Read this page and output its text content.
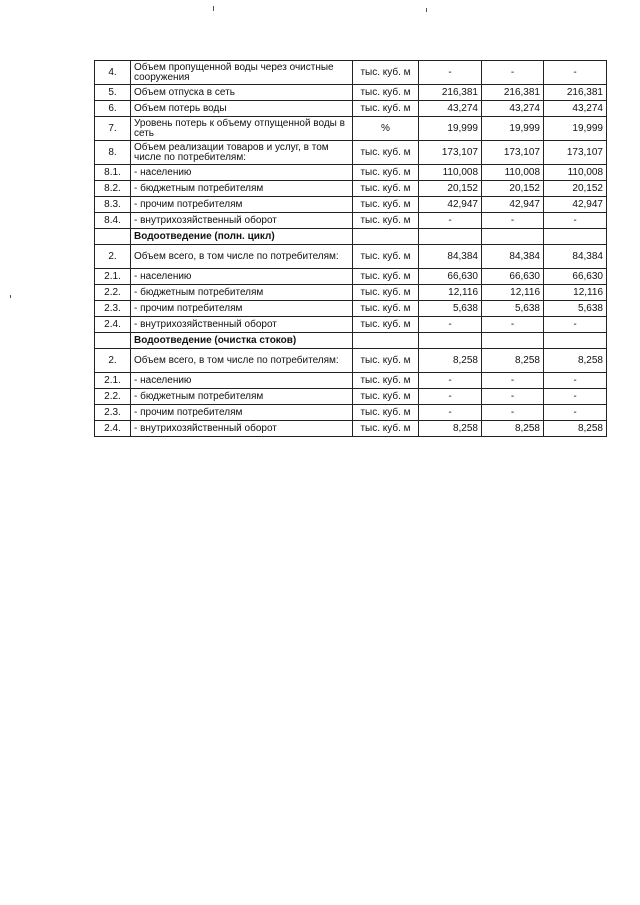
4.	Объем пропущенной воды через очистные сооружения	тыс. куб. м	-	-	-
5.	Объем отпуска в сеть	тыс. куб. м	216,381	216,381	216,381
6.	Объем потерь воды	тыс. куб. м	43,274	43,274	43,274
7.	Уровень потерь к объему отпущенной воды в сеть	%	19,999	19,999	19,999
8.	Объем реализации товаров и услуг, в том числе по потребителям:	тыс. куб. м	173,107	173,107	173,107
8.1.	- населению	тыс. куб. м	110,008	110,008	110,008
8.2.	- бюджетным потребителям	тыс. куб. м	20,152	20,152	20,152
8.3.	- прочим потребителям	тыс. куб. м	42,947	42,947	42,947
8.4.	- внутрихозяйственный оборот	тыс. куб. м	-	-	-
	Водоотведение (полн. цикл)				
2.	Объем всего, в том числе по потребителям:	тыс. куб. м	84,384	84,384	84,384
2.1.	- населению	тыс. куб. м	66,630	66,630	66,630
2.2.	- бюджетным потребителям	тыс. куб. м	12,116	12,116	12,116
2.3.	- прочим потребителям	тыс. куб. м	5,638	5,638	5,638
2.4.	- внутрихозяйственный оборот	тыс. куб. м	-	-	-
	Водоотведение (очистка стоков)				
2.	Объем всего, в том числе по потребителям:	тыс. куб. м	8,258	8,258	8,258
2.1.	- населению	тыс. куб. м	-	-	-
2.2.	- бюджетным потребителям	тыс. куб. м	-	-	-
2.3.	- прочим потребителям	тыс. куб. м	-	-	-
2.4.	- внутрихозяйственный оборот	тыс. куб. м	8,258	8,258	8,258
